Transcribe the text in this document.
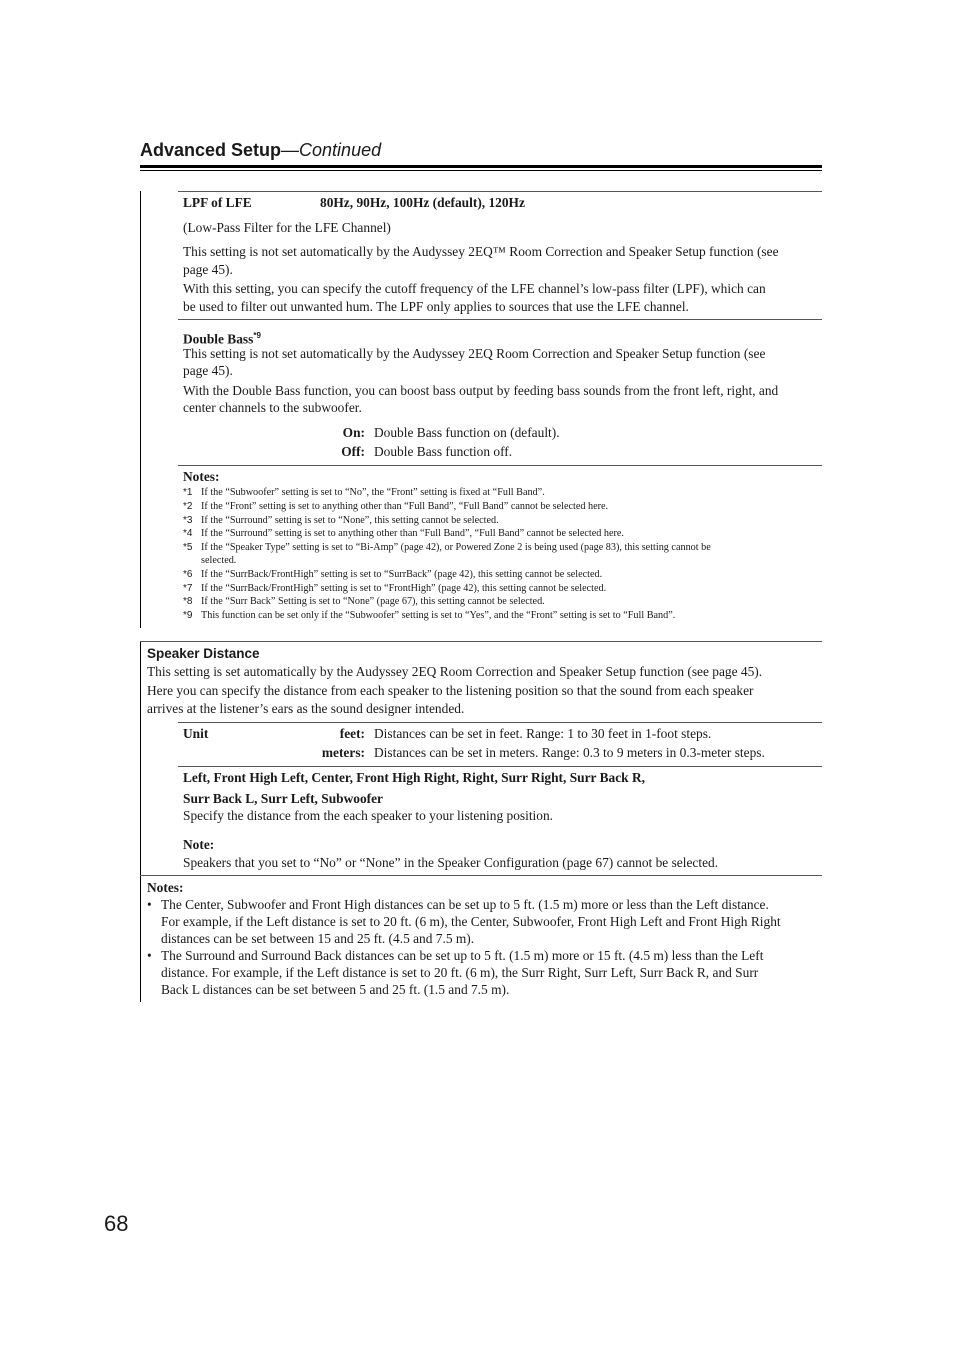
Advanced Setup—Continued
LPF of LFE	80Hz, 90Hz, 100Hz (default), 120Hz
(Low-Pass Filter for the LFE Channel)
This setting is not set automatically by the Audyssey 2EQ™ Room Correction and Speaker Setup function (see
page 45).
With this setting, you can specify the cutoff frequency of the LFE channel’s low-pass filter (LPF), which can
be used to filter out unwanted hum. The LPF only applies to sources that use the LFE channel.
Double Bass$^{*9}$
This setting is not set automatically by the Audyssey 2EQ Room Correction and Speaker Setup function (see
page 45).
With the Double Bass function, you can boost bass output by feeding bass sounds from the front left, right, and
center channels to the subwoofer.
On: Double Bass function on (default).
Off: Double Bass function off.
Notes:
*1 If the “Subwoofer” setting is set to “No”, the “Front” setting is fixed at “Full Band”.
*2 If the “Front” setting is set to anything other than “Full Band”, “Full Band” cannot be selected here.
*3 If the “Surround” setting is set to “None”, this setting cannot be selected.
*4 If the “Surround” setting is set to anything other than “Full Band”, “Full Band” cannot be selected here.
*5 If the “Speaker Type” setting is set to “Bi-Amp” (page 42), or Powered Zone 2 is being used (page 83), this setting cannot be
selected.
*6 If the “SurrBack/FrontHigh” setting is set to “SurrBack” (page 42), this setting cannot be selected.
*7 If the “SurrBack/FrontHigh” setting is set to “FrontHigh” (page 42), this setting cannot be selected.
*8 If the “Surr Back” Setting is set to “None” (page 67), this setting cannot be selected.
*9 This function can be set only if the “Subwoofer” setting is set to “Yes”, and the “Front” setting is set to “Full Band”.
Speaker Distance
This setting is set automatically by the Audyssey 2EQ Room Correction and Speaker Setup function (see page 45).
Here you can specify the distance from each speaker to the listening position so that the sound from each speaker
arrives at the listener’s ears as the sound designer intended.
Unit	feet: Distances can be set in feet. Range: 1 to 30 feet in 1-foot steps.
meters: Distances can be set in meters. Range: 0.3 to 9 meters in 0.3-meter steps.
Left, Front High Left, Center, Front High Right, Right, Surr Right, Surr Back R,
Surr Back L, Surr Left, Subwoofer
Specify the distance from the each speaker to your listening position.
Note:
Speakers that you set to “No” or “None” in the Speaker Configuration (page 67) cannot be selected.
Notes:
• The Center, Subwoofer and Front High distances can be set up to 5 ft. (1.5 m) more or less than the Left distance.
For example, if the Left distance is set to 20 ft. (6 m), the Center, Subwoofer, Front High Left and Front High Right
distances can be set between 15 and 25 ft. (4.5 and 7.5 m).
• The Surround and Surround Back distances can be set up to 5 ft. (1.5 m) more or 15 ft. (4.5 m) less than the Left
distance. For example, if the Left distance is set to 20 ft. (6 m), the Surr Right, Surr Left, Surr Back R, and Surr
Back L distances can be set between 5 and 25 ft. (1.5 and 7.5 m).
68
